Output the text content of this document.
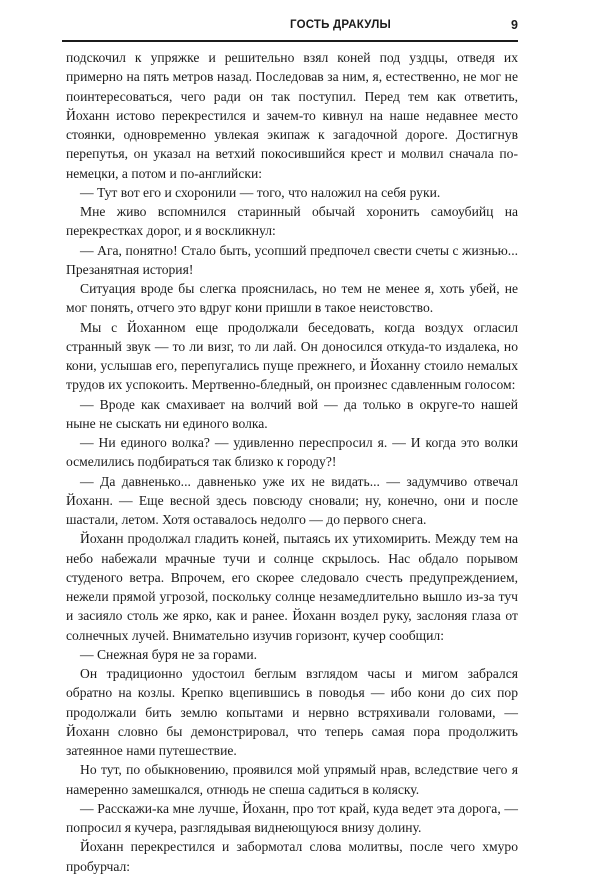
ГОСТЬ ДРАКУЛЫ	9

подскочил к упряжке и решительно взял коней под уздцы, отведя их примерно на пять метров назад. Последовав за ним, я, естественно, не мог не поинтересоваться, чего ради он так поступил. Перед тем как ответить, Йоханн истово перекрестился и зачем-то кивнул на наше недавнее место стоянки, одновременно увлекая экипаж к загадочной дороге. Достигнув перепутья, он указал на ветхий покосившийся крест и молвил сначала по-немецки, а потом и по-английски:

— Тут вот его и схоронили — того, что наложил на себя руки.

Мне живо вспомнился старинный обычай хоронить самоубийц на перекрестках дорог, и я воскликнул:

— Ага, понятно! Стало быть, усопший предпочел свести счеты с жизнью... Презанятная история!

Ситуация вроде бы слегка прояснилась, но тем не менее я, хоть убей, не мог понять, отчего это вдруг кони пришли в такое неистовство.

Мы с Йоханном еще продолжали беседовать, когда воздух огласил странный звук — то ли визг, то ли лай. Он доносился откуда-то издалека, но кони, услышав его, перепугались пуще прежнего, и Йоханну стоило немалых трудов их успокоить. Мертвенно-бледный, он произнес сдавленным голосом:

— Вроде как смахивает на волчий вой — да только в округе-то нашей ныне не сыскать ни единого волка.

— Ни единого волка? — удивленно переспросил я. — И когда это волки осмелились подбираться так близко к городу?!

— Да давненько... давненько уже их не видать... — задумчиво отвечал Йоханн. — Еще весной здесь повсюду сновали; ну, конечно, они и после шастали, летом. Хотя оставалось недолго — до первого снега.

Йоханн продолжал гладить коней, пытаясь их утихомирить. Между тем на небо набежали мрачные тучи и солнце скрылось. Нас обдало порывом студеного ветра. Впрочем, его скорее следовало счесть предупреждением, нежели прямой угрозой, поскольку солнце незамедлительно вышло из-за туч и засияло столь же ярко, как и ранее. Йоханн воздел руку, заслоняя глаза от солнечных лучей. Внимательно изучив горизонт, кучер сообщил:

— Снежная буря не за горами.

Он традиционно удостоил беглым взглядом часы и мигом забрался обратно на козлы. Крепко вцепившись в поводья — ибо кони до сих пор продолжали бить землю копытами и нервно встряхивали головами, — Йоханн словно бы демонстрировал, что теперь самая пора продолжить затеянное нами путешествие.

Но тут, по обыкновению, проявился мой упрямый нрав, вследствие чего я намеренно замешкался, отнюдь не спеша садиться в коляску.

— Расскажи-ка мне лучше, Йоханн, про тот край, куда ведет эта дорога, — попросил я кучера, разглядывая виднеющуюся внизу долину.

Йоханн перекрестился и забормотал слова молитвы, после чего хмуро пробурчал:
